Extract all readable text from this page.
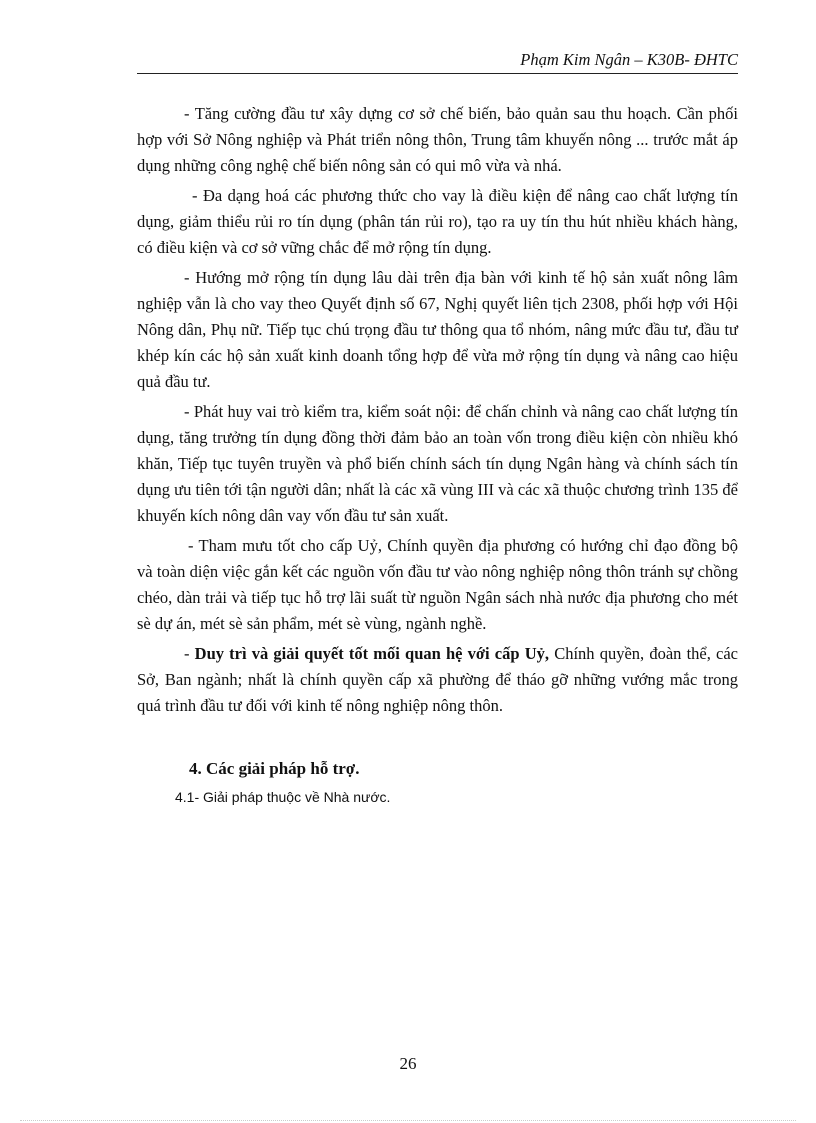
Phạm Kim Ngân – K30B- ĐHTC

- Tăng cường đầu tư xây dựng cơ sở chế biến, bảo quản sau thu hoạch. Cần phối hợp với Sở Nông nghiệp và Phát triển nông thôn, Trung tâm khuyến nông ... trước mắt áp dụng những công nghệ chế biến nông sản có qui mô vừa và nhá.

- Đa dạng hoá các phương thức cho vay là điều kiện để nâng cao chất lượng tín dụng, giảm thiểu rủi ro tín dụng (phân tán rủi ro), tạo ra uy tín thu hút nhiều khách hàng, có điều kiện và cơ sở vững chắc để mở rộng tín dụng.

- Hướng mở rộng tín dụng lâu dài trên địa bàn với kinh tế hộ sản xuất nông lâm nghiệp vẫn là cho vay theo Quyết định số 67, Nghị quyết liên tịch 2308, phối hợp với Hội Nông dân, Phụ nữ. Tiếp tục chú trọng đầu tư thông qua tổ nhóm, nâng mức đầu tư, đầu tư khép kín các hộ sản xuất kinh doanh tổng hợp để vừa mở rộng tín dụng và nâng cao hiệu quả đầu tư.

- Phát huy vai trò kiểm tra, kiểm soát nội: để chấn chỉnh và nâng cao chất lượng tín dụng, tăng trưởng tín dụng đồng thời đảm bảo an toàn vốn trong điều kiện còn nhiều khó khăn, Tiếp tục tuyên truyền và phổ biến chính sách tín dụng Ngân hàng và chính sách tín dụng ưu tiên tới tận người dân; nhất là các xã vùng III và các xã thuộc chương trình 135 để khuyến kích nông dân vay vốn đầu tư sản xuất.

- Tham mưu tốt cho cấp Uỷ, Chính quyền địa phương có hướng chỉ đạo đồng bộ và toàn diện việc gắn kết các nguồn vốn đầu tư vào nông nghiệp nông thôn tránh sự chồng chéo, dàn trải và tiếp tục hỗ trợ lãi suất từ nguồn Ngân sách nhà nước địa phương cho mét sè dự án, mét sè sản phẩm, mét sè vùng, ngành nghề.

- Duy trì và giải quyết tốt mối quan hệ với cấp Uỷ, Chính quyền, đoàn thể, các Sở, Ban ngành; nhất là chính quyền cấp xã phường để tháo gỡ những vướng mắc trong quá trình đầu tư đối với kinh tế nông nghiệp nông thôn.

4. Các giải pháp hỗ trợ.
4.1- Giải pháp thuộc về Nhà nước.
26
